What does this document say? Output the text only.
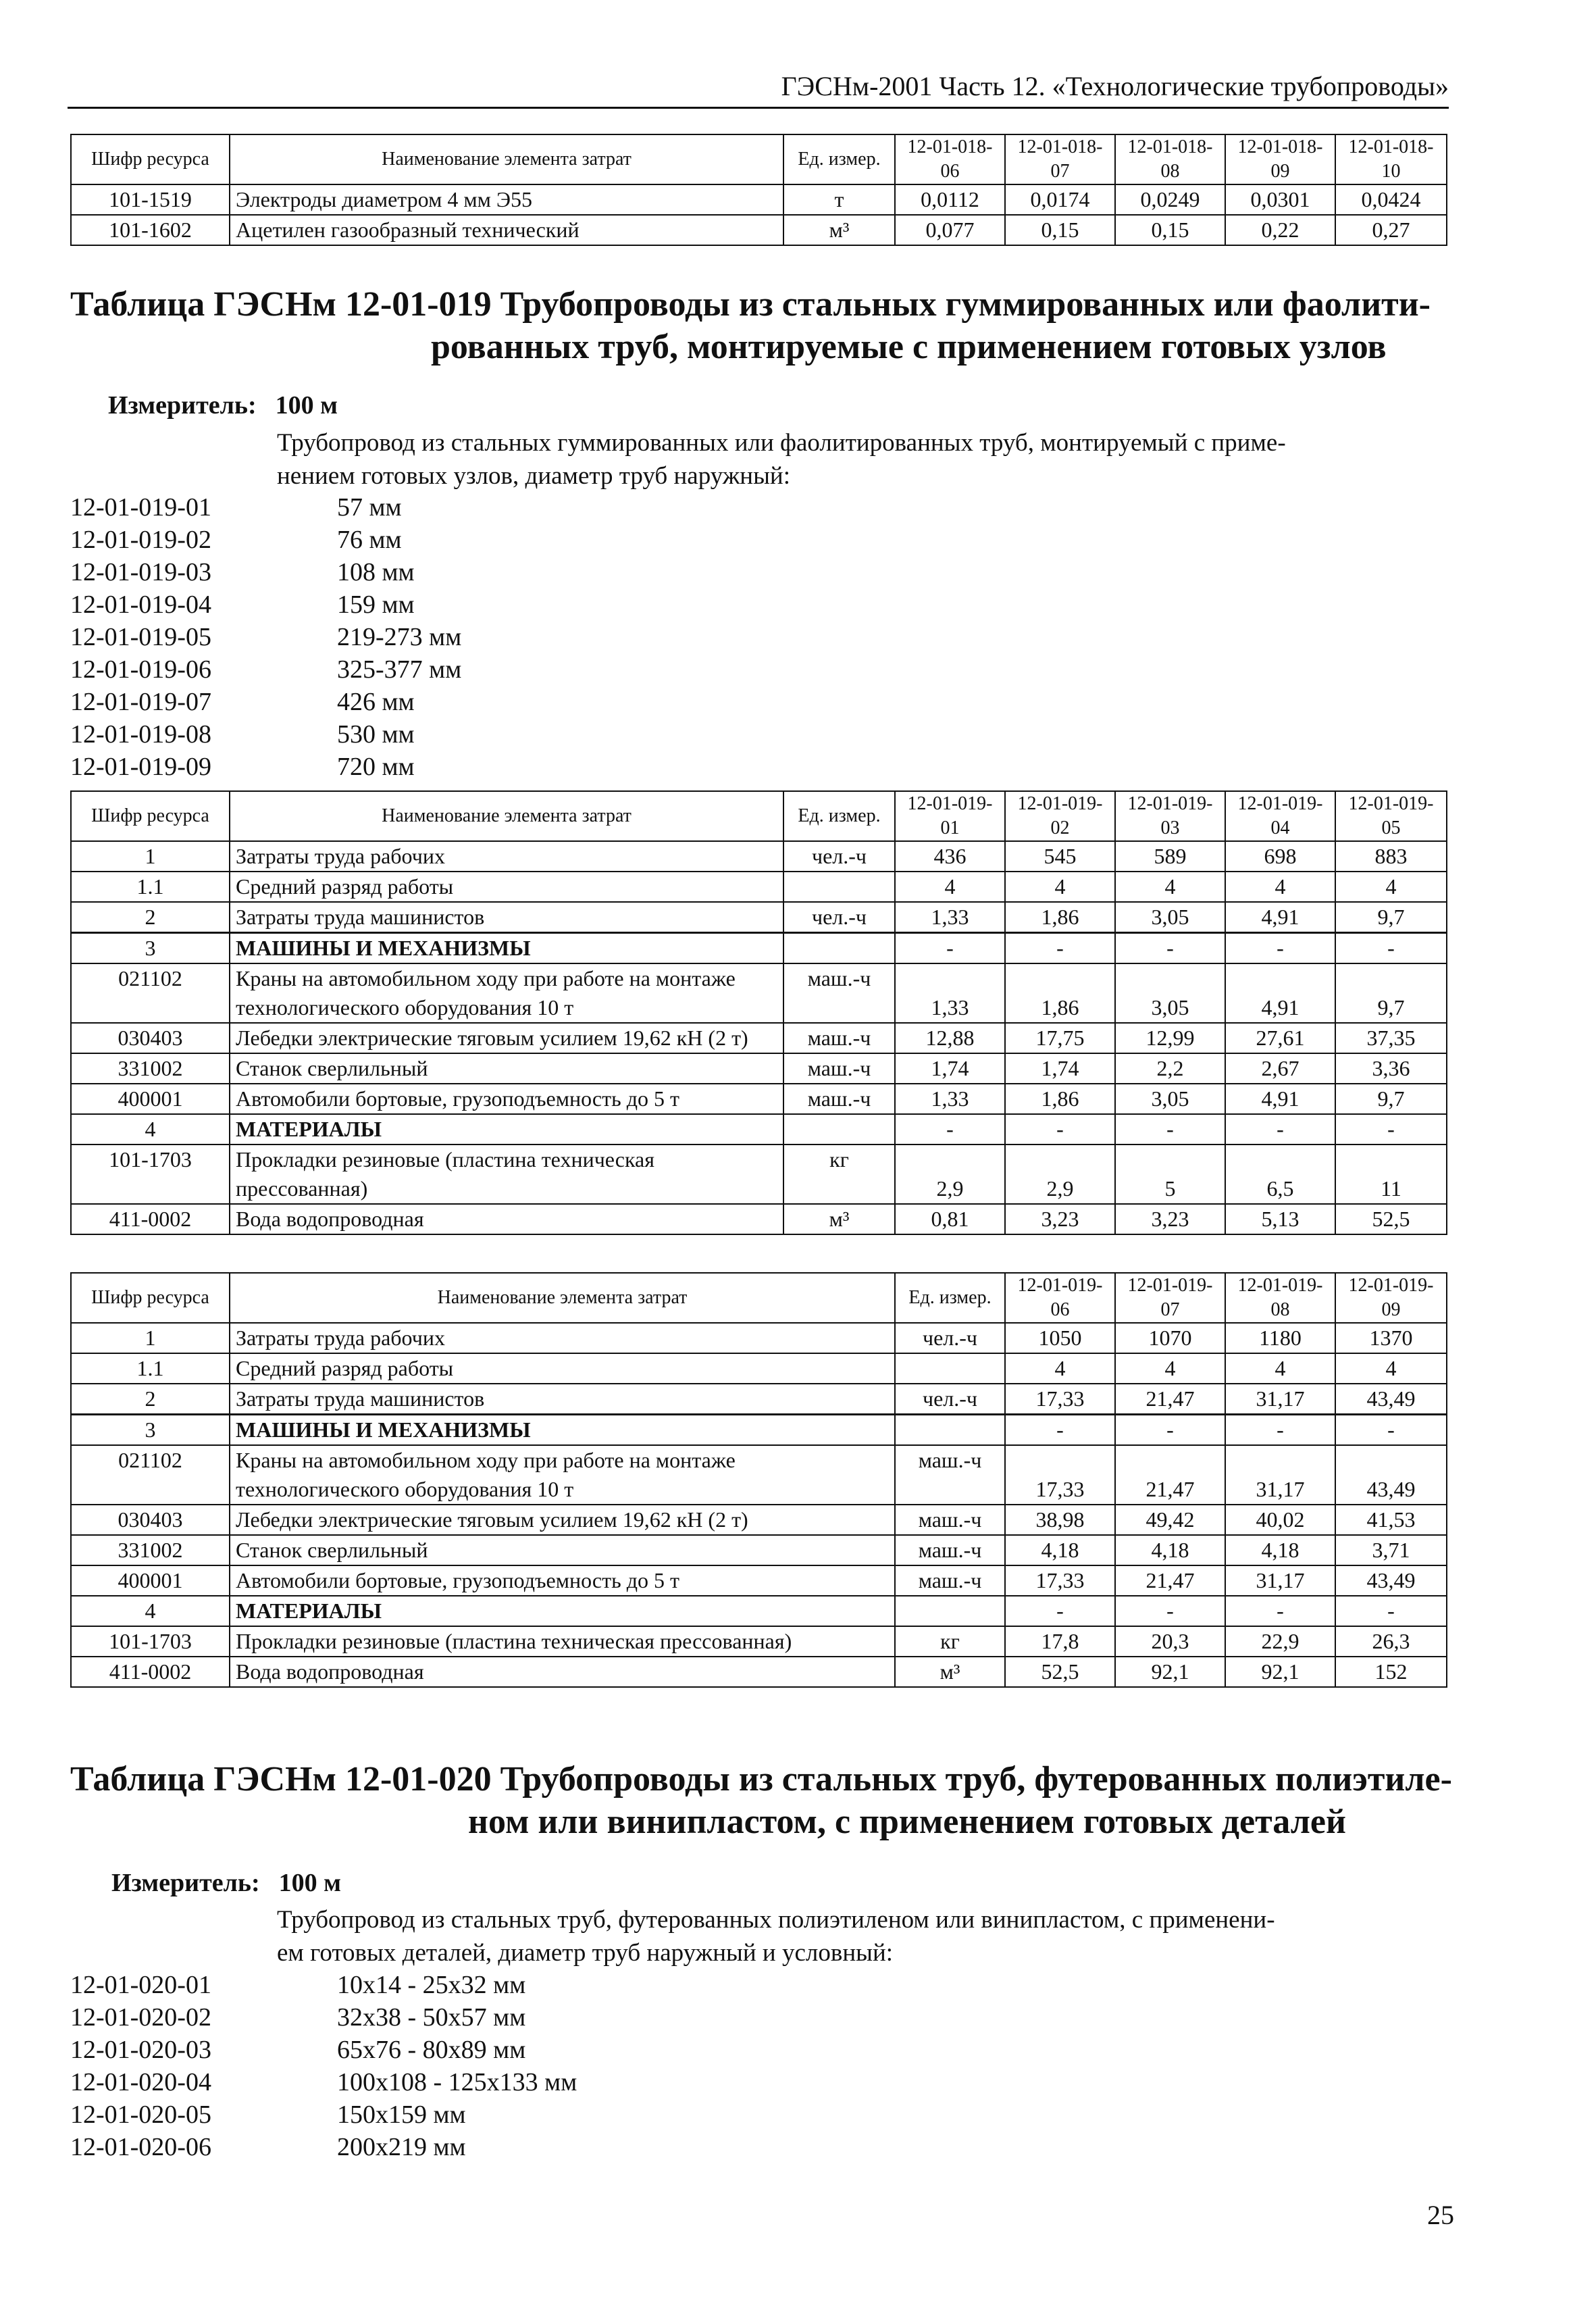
ГЭСНм-2001 Часть 12. «Технологические трубопроводы»
Шифр ресурса	Наименование элемента затрат	Ед. измер.	12-01-018-06	12-01-018-07	12-01-018-08	12-01-018-09	12-01-018-10
101-1519	Электроды диаметром 4 мм Э55	т	0,0112	0,0174	0,0249	0,0301	0,0424
101-1602	Ацетилен газообразный технический	м³	0,077	0,15	0,15	0,22	0,27
Таблица ГЭСНм 12-01-019 Трубопроводы из стальных гуммированных или фаолити-
рованных труб, монтируемые с применением готовых узлов
Измеритель: 100 м
Трубопровод из стальных гуммированных или фаолитированных труб, монтируемый с приме-
нением готовых узлов, диаметр труб наружный:
12-01-019-01	57 мм
12-01-019-02	76 мм
12-01-019-03	108 мм
12-01-019-04	159 мм
12-01-019-05	219-273 мм
12-01-019-06	325-377 мм
12-01-019-07	426 мм
12-01-019-08	530 мм
12-01-019-09	720 мм
Шифр ресурса	Наименование элемента затрат	Ед. измер.	12-01-019-01	12-01-019-02	12-01-019-03	12-01-019-04	12-01-019-05
1	Затраты труда рабочих	чел.-ч	436	545	589	698	883
1.1	Средний разряд работы		4	4	4	4	4
2	Затраты труда машинистов	чел.-ч	1,33	1,86	3,05	4,91	9,7
3	МАШИНЫ И МЕХАНИЗМЫ		-	-	-	-	-
021102	Краны на автомобильном ходу при работе на монтаже технологического оборудования 10 т	маш.-ч	1,33	1,86	3,05	4,91	9,7
030403	Лебедки электрические тяговым усилием 19,62 кН (2 т)	маш.-ч	12,88	17,75	12,99	27,61	37,35
331002	Станок сверлильный	маш.-ч	1,74	1,74	2,2	2,67	3,36
400001	Автомобили бортовые, грузоподъемность до 5 т	маш.-ч	1,33	1,86	3,05	4,91	9,7
4	МАТЕРИАЛЫ		-	-	-	-	-
101-1703	Прокладки резиновые (пластина техническая прессованная)	кг	2,9	2,9	5	6,5	11
411-0002	Вода водопроводная	м³	0,81	3,23	3,23	5,13	52,5
Шифр ресурса	Наименование элемента затрат	Ед. измер.	12-01-019-06	12-01-019-07	12-01-019-08	12-01-019-09
1	Затраты труда рабочих	чел.-ч	1050	1070	1180	1370
1.1	Средний разряд работы		4	4	4	4
2	Затраты труда машинистов	чел.-ч	17,33	21,47	31,17	43,49
3	МАШИНЫ И МЕХАНИЗМЫ		-	-	-	-
021102	Краны на автомобильном ходу при работе на монтаже технологического оборудования 10 т	маш.-ч	17,33	21,47	31,17	43,49
030403	Лебедки электрические тяговым усилием 19,62 кН (2 т)	маш.-ч	38,98	49,42	40,02	41,53
331002	Станок сверлильный	маш.-ч	4,18	4,18	4,18	3,71
400001	Автомобили бортовые, грузоподъемность до 5 т	маш.-ч	17,33	21,47	31,17	43,49
4	МАТЕРИАЛЫ		-	-	-	-
101-1703	Прокладки резиновые (пластина техническая прессованная)	кг	17,8	20,3	22,9	26,3
411-0002	Вода водопроводная	м³	52,5	92,1	92,1	152
Таблица ГЭСНм 12-01-020 Трубопроводы из стальных труб, футерованных полиэтиле-
ном или винипластом, с применением готовых деталей
Измеритель: 100 м
Трубопровод из стальных труб, футерованных полиэтиленом или винипластом, с применени-
ем готовых деталей, диаметр труб наружный и условный:
12-01-020-01	10x14 - 25x32 мм
12-01-020-02	32x38 - 50x57 мм
12-01-020-03	65x76 - 80x89 мм
12-01-020-04	100x108 - 125x133 мм
12-01-020-05	150x159 мм
12-01-020-06	200x219 мм
25
